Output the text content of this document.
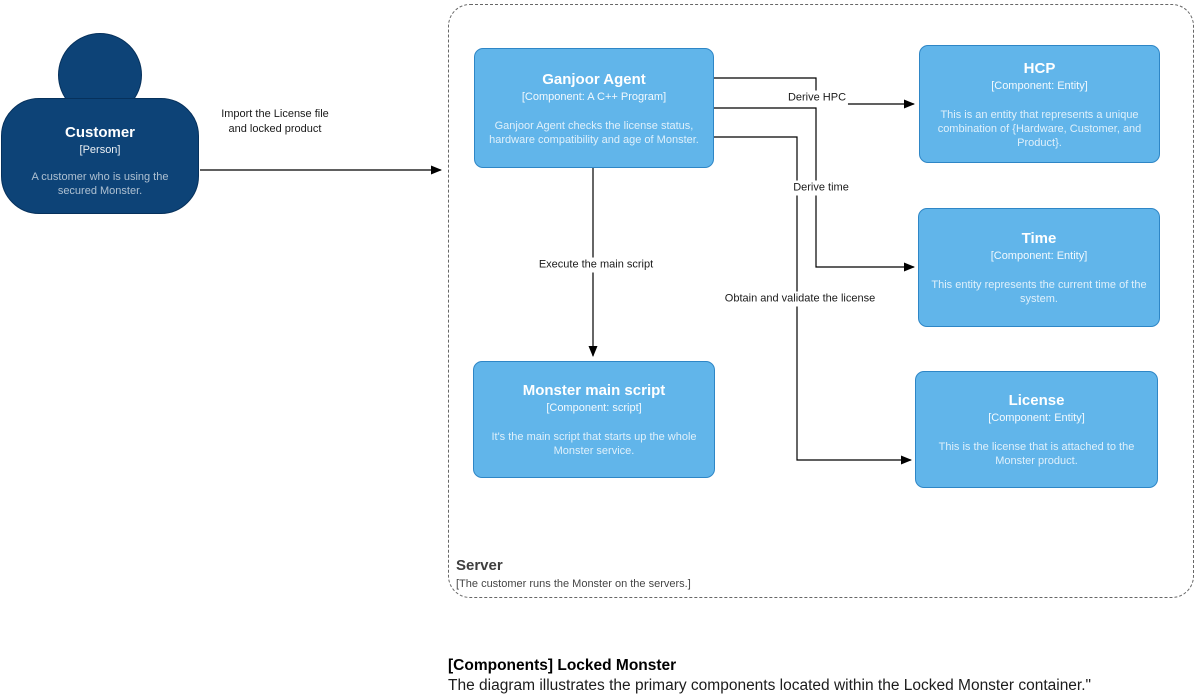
Server
[The customer runs the Monster on the servers.]
Customer
[Person]
A customer who is using the secured Monster.
Ganjoor Agent
[Component: A C++ Program]
Ganjoor Agent checks the license status, hardware compatibility and age of Monster.
HCP
[Component: Entity]
This is an entity that represents a unique combination of {Hardware, Customer, and Product}.
Time
[Component: Entity]
This entity represents the current time of the system.
Monster main script
[Component: script]
It's the main script that starts up the whole Monster service.
License
[Component: Entity]
This is the license that is attached to the Monster product.
Import the License file
and locked product
Derive HPC
Derive time
Execute the main script
Obtain and validate the license
[Components] Locked Monster
The diagram illustrates the primary components located within the Locked Monster container."
